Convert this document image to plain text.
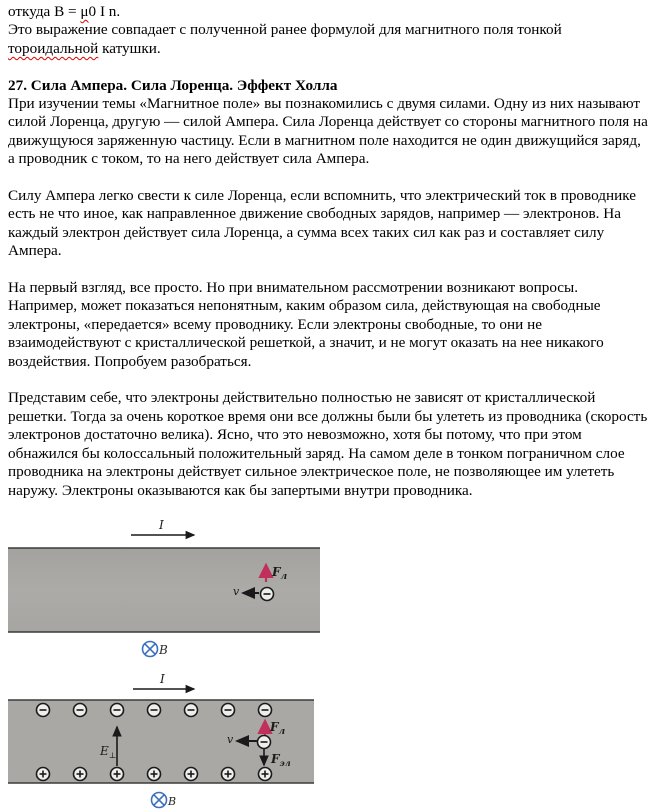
откуда B = μ0 I n.

Это выражение совпадает с полученной ранее формулой для магнитного поля тонкой тороидальной катушки.

27. Сила Ампера. Сила Лоренца. Эффект Холла

При изучении темы «Магнитное поле» вы познакомились с двумя силами. Одну из них называют силой Лоренца, другую — силой Ампера. Сила Лоренца действует со стороны магнитного поля на движущуюся заряженную частицу. Если в магнитном поле находится не один движущийся заряд, а проводник с током, то на него действует сила Ампера.

Силу Ампера легко свести к силе Лоренца, если вспомнить, что электрический ток в проводнике есть не что иное, как направленное движение свободных зарядов, например — электронов. На каждый электрон действует сила Лоренца, а сумма всех таких сил как раз и составляет силу Ампера.

На первый взгляд, все просто. Но при внимательном рассмотрении возникают вопросы. Например, может показаться непонятным, каким образом сила, действующая на свободные электроны, «передается» всему проводнику. Если электроны свободные, то они не взаимодействуют с кристаллической решеткой, а значит, и не могут оказать на нее никакого воздействия. Попробуем разобраться.

Представим себе, что электроны действительно полностью не зависят от кристаллической решетки. Тогда за очень короткое время они все должны были бы улететь из проводника (скорость электронов достаточно велика). Ясно, что это невозможно, хотя бы потому, что при этом обнажился бы колоссальный положительный заряд. На самом деле в тонком пограничном слое проводника на электроны действует сильное электрическое поле, не позволяющее им улететь наружу. Электроны оказываются как бы запертыми внутри проводника.

I
$F_л$
v
B
I
$E_\perp$
$F_л$
v
$F_{эл}$
B
